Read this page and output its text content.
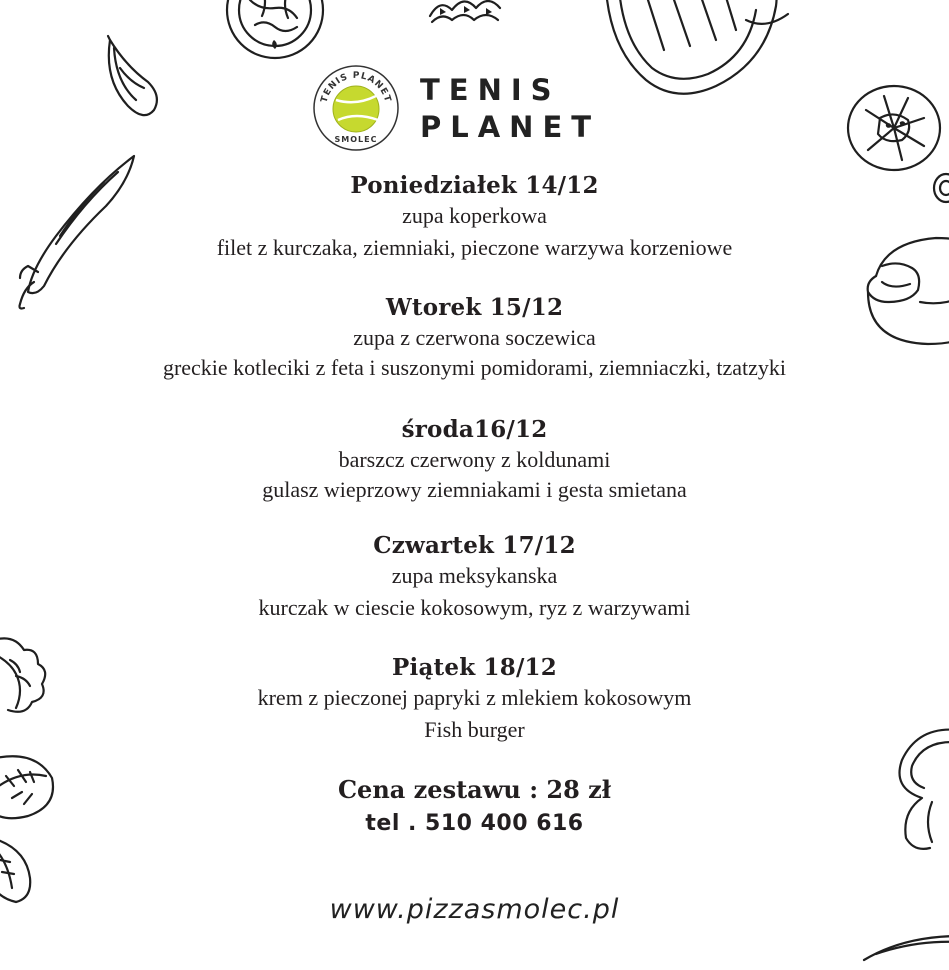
TENIS PLANET
SMOLEC
TENIS
PLANET
Poniedziałek 14/12
zupa koperkowa
filet z kurczaka, ziemniaki, pieczone warzywa korzeniowe
Wtorek 15/12
zupa z czerwona soczewica
greckie kotleciki z feta i suszonymi pomidorami, ziemniaczki, tzatzyki
środa16/12
barszcz czerwony z koldunami
gulasz wieprzowy ziemniakami i gesta smietana
Czwartek 17/12
zupa meksykanska
kurczak w ciescie kokosowym, ryz z warzywami
Piątek 18/12
krem z pieczonej papryki z mlekiem kokosowym
Fish burger
Cena zestawu : 28 zł
tel . 510 400 616
www.pizzasmolec.pl
